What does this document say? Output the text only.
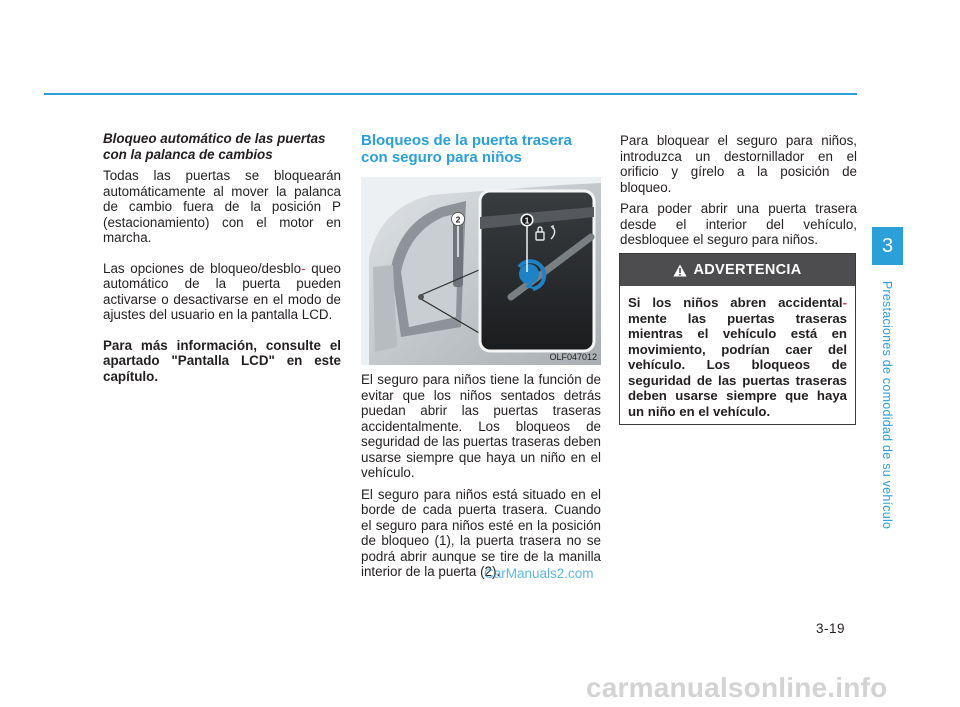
Bloqueo automático de las puertas con la palanca de cambios

Todas las puertas se bloquearán automáticamente al mover la palanca de cambio fuera de la posición P (estacionamiento) con el motor en marcha.

Las opciones de bloqueo/desblo- queo automático de la puerta pueden activarse o desactivarse en el modo de ajustes del usuario en la pantalla LCD.

Para más información, consulte el apartado "Pantalla LCD" en este capítulo.

Bloqueos de la puerta trasera con seguro para niños

1
2
OLF047012

El seguro para niños tiene la función de evitar que los niños sentados detrás puedan abrir las puertas traseras accidentalmente. Los bloqueos de seguridad de las puertas traseras deben usarse siempre que haya un niño en el vehículo.

El seguro para niños está situado en el borde de cada puerta trasera. Cuando el seguro para niños esté en la posición de bloqueo (1), la puerta trasera no se podrá abrir aunque se tire de la manilla interior de la puerta (2).

Para bloquear el seguro para niños, introduzca un destornillador en el orificio y gírelo a la posición de bloqueo.

Para poder abrir una puerta trasera desde el interior del vehículo, desbloquee el seguro para niños.

ADVERTENCIA
Si los niños abren accidental- mente las puertas traseras mientras el vehículo está en movimiento, podrían caer del vehículo. Los bloqueos de seguridad de las puertas traseras deben usarse siempre que haya un niño en el vehículo.
3
Prestaciones de comodidad de su vehículo
3-19
CarManuals2.com
carmanualsonline.info
